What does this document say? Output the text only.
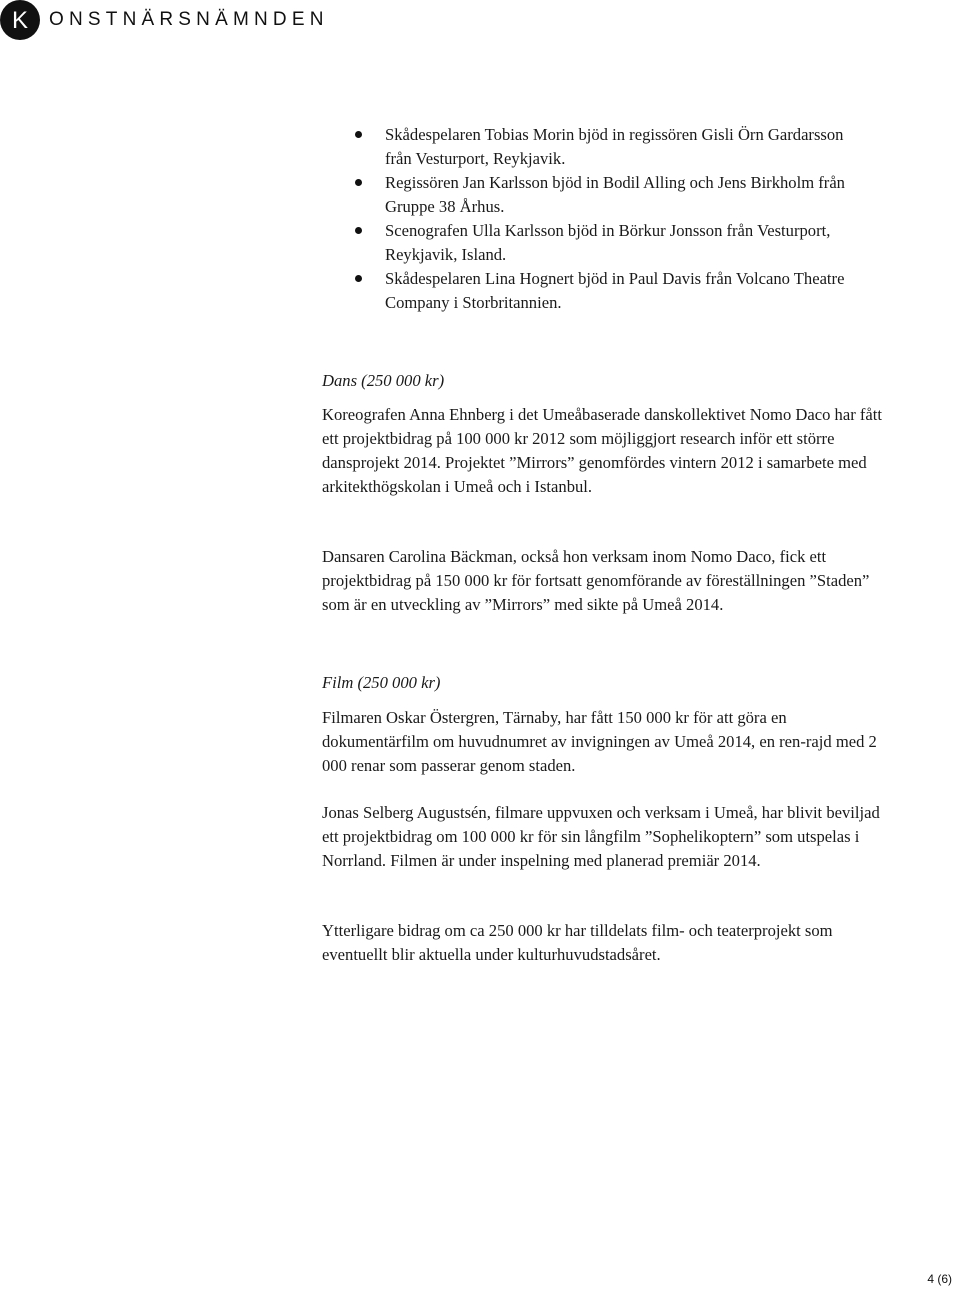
K ONSTNÄRSNÄMNDEN
Skådespelaren Tobias Morin bjöd in regissören Gisli Örn Gardarsson från Vesturport, Reykjavik.
Regissören Jan Karlsson bjöd in Bodil Alling och Jens Birkholm från Gruppe 38 Århus.
Scenografen Ulla Karlsson bjöd in Börkur Jonsson från Vesturport, Reykjavik, Island.
Skådespelaren Lina Hognert bjöd in Paul Davis från Volcano Theatre Company i Storbritannien.

Dans (250 000 kr)

Koreografen Anna Ehnberg i det Umeåbaserade danskollektivet Nomo Daco har fått ett projektbidrag på 100 000 kr 2012 som möjliggjort research inför ett större dansprojekt 2014. Projektet ”Mirrors” genomfördes vintern 2012 i samarbete med arkitekthögskolan i Umeå och i Istanbul.

Dansaren Carolina Bäckman, också hon verksam inom Nomo Daco, fick ett projektbidrag på 150 000 kr för fortsatt genomförande av föreställningen ”Staden” som är en utveckling av ”Mirrors” med sikte på Umeå 2014.

Film (250 000 kr)

Filmaren Oskar Östergren, Tärnaby, har fått 150 000 kr för att göra en dokumentärfilm om huvudnumret av invigningen av Umeå 2014, en ren-rajd med 2 000 renar som passerar genom staden.

Jonas Selberg Augustsén, filmare uppvuxen och verksam i Umeå, har blivit beviljad ett projektbidrag om 100 000 kr för sin långfilm ”Sophelikoptern” som utspelas i Norrland. Filmen är under inspelning med planerad premiär 2014.

Ytterligare bidrag om ca 250 000 kr har tilldelats film- och teaterprojekt som eventuellt blir aktuella under kulturhuvudstadsåret.

4 (6)
